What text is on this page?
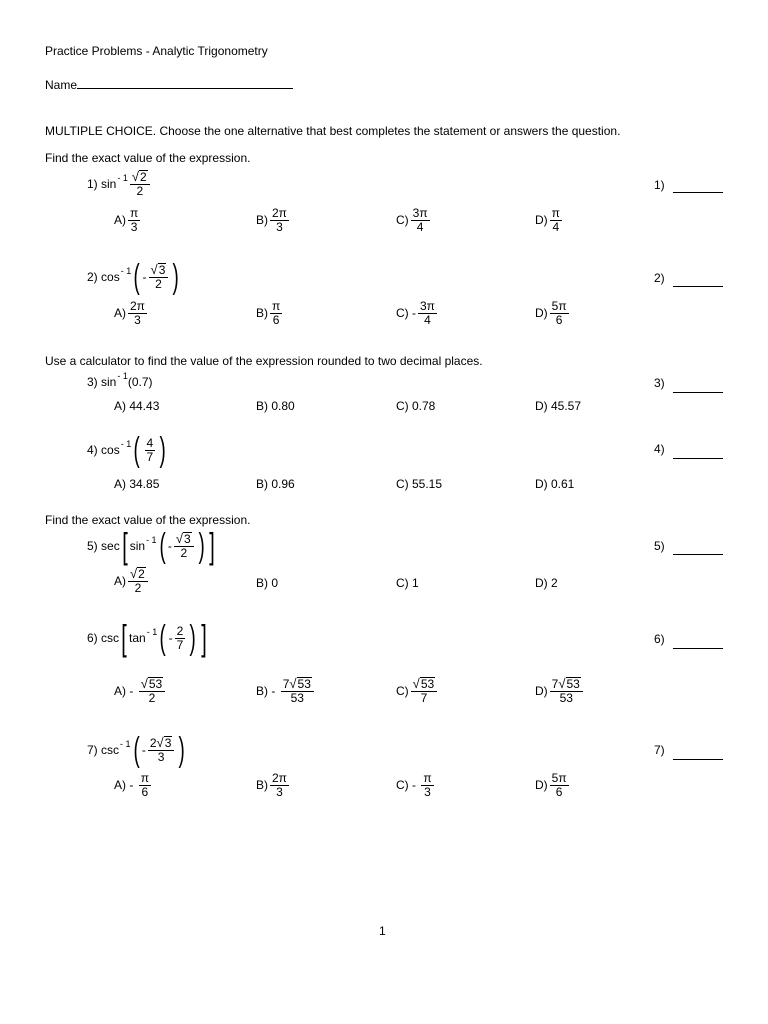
Practice Problems - Analytic Trigonometry
Name
MULTIPLE CHOICE. Choose the one alternative that best completes the statement or answers the question.
Find the exact value of the expression.
1)
sin - $1 \frac{√ 2}{2}$	1)
$A) \frac{\pi}{3}$	$B) \frac{2\pi}{3}$	$C) \frac{3\pi}{4}$	$D) \frac{\pi}{4}$
2)
cos - 1 ( - $\frac{√ 3}{2}$ )	2)
$A) \frac{2\pi}{3}$	$B) \frac{\pi}{6}$	$C) - \frac{3\pi}{4}$	$D) \frac{5\pi}{6}$
Use a calculator to find the value of the expression rounded to two decimal places.
3)
sin - 1 (0.7)	3)
A) 44.43	B) 0.80	C) 0.78	D) 45.57
4)
cos - 1 ( $\frac{4}{7}$ )	4)
A) 34.85	B) 0.96	C) 55.15	D) 0.61
Find the exact value of the expression.
5)
sec [ sin - 1 ( - $\frac{√ 3}{2}$ ) ]	5)
$A) \frac{√ 2}{2}$	B) 0	C) 1	D) 2
6)
csc [ tan - 1 ( - $\frac{2}{7}$ ) ]	6)
A) -
$\frac{√ 53}{2}$	B) -
$\frac{7 √ 53}{53}$	$C) \frac{√ 53}{7}$	$D) \frac{7 √ 53}{53}$
7)
csc - 1 ( - $\frac{2 √ 3}{3}$ )	7)
A) -
$\frac{\pi}{6}$	$B) \frac{2\pi}{3}$	C) -
$\frac{\pi}{3}$	$D) \frac{5\pi}{6}$
1
